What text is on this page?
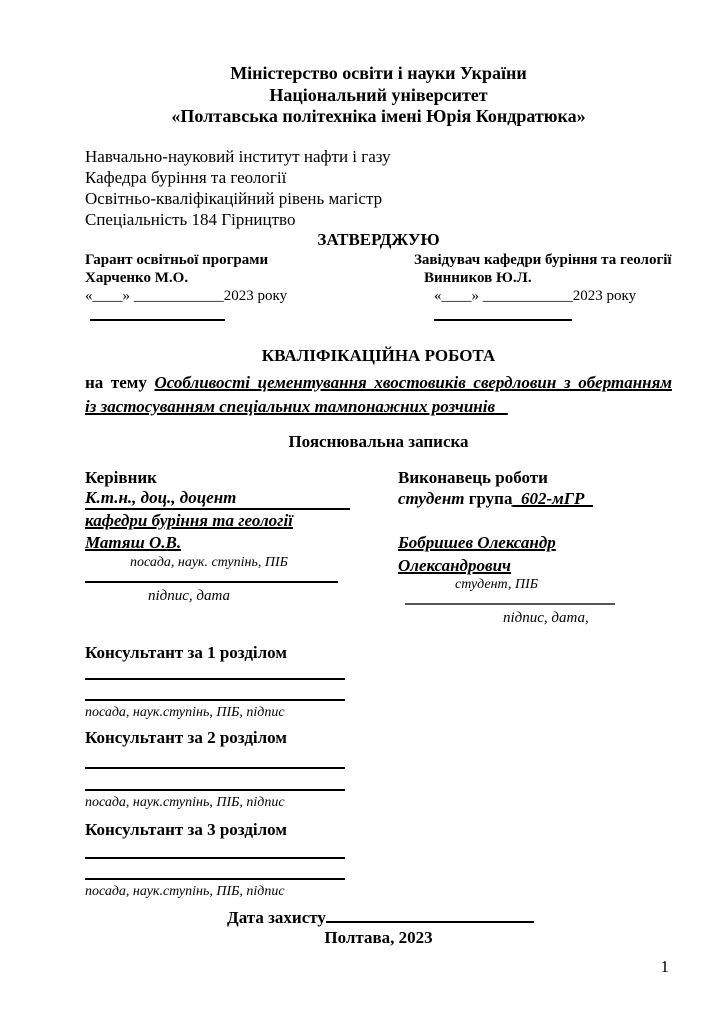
Міністерство освіти і науки України
Національний університет
«Полтавська політехніка імені Юрія Кондратюка»
Навчально-науковий інститут нафти і газу
Кафедра буріння та геології
Освітньо-кваліфікаційний рівень магістр
Спеціальність 184 Гірництво
ЗАТВЕРДЖУЮ
Гарант освітньої програми
Харченко М.О.
«____» ____________2023 року
Завідувач кафедри буріння та геології
Винников Ю.Л.
«____» ____________2023 року
КВАЛІФІКАЦІЙНА РОБОТА
на тему Особливості цементування хвостовиків свердловин з обертанням
із застосуванням спеціальних тампонажних розчинів _
Пояснювальна записка
Керівник
К.т.н., доц., доцент
кафедри буріння та геології
Матяш О.В.
посада, наук. ступінь, ПІБ
підпис, дата
Виконавець роботи
студент група_602-мГР_
Бобришев Олександр Олександрович
студент, ПІБ
підпис, дата,
Консультант за 1 розділом
посада, наук.ступінь, ПІБ, підпис
Консультант за 2 розділом
посада, наук.ступінь, ПІБ, підпис
Консультант за 3 розділом
посада, наук.ступінь, ПІБ, підпис
Дата захисту
Полтава, 2023
1
